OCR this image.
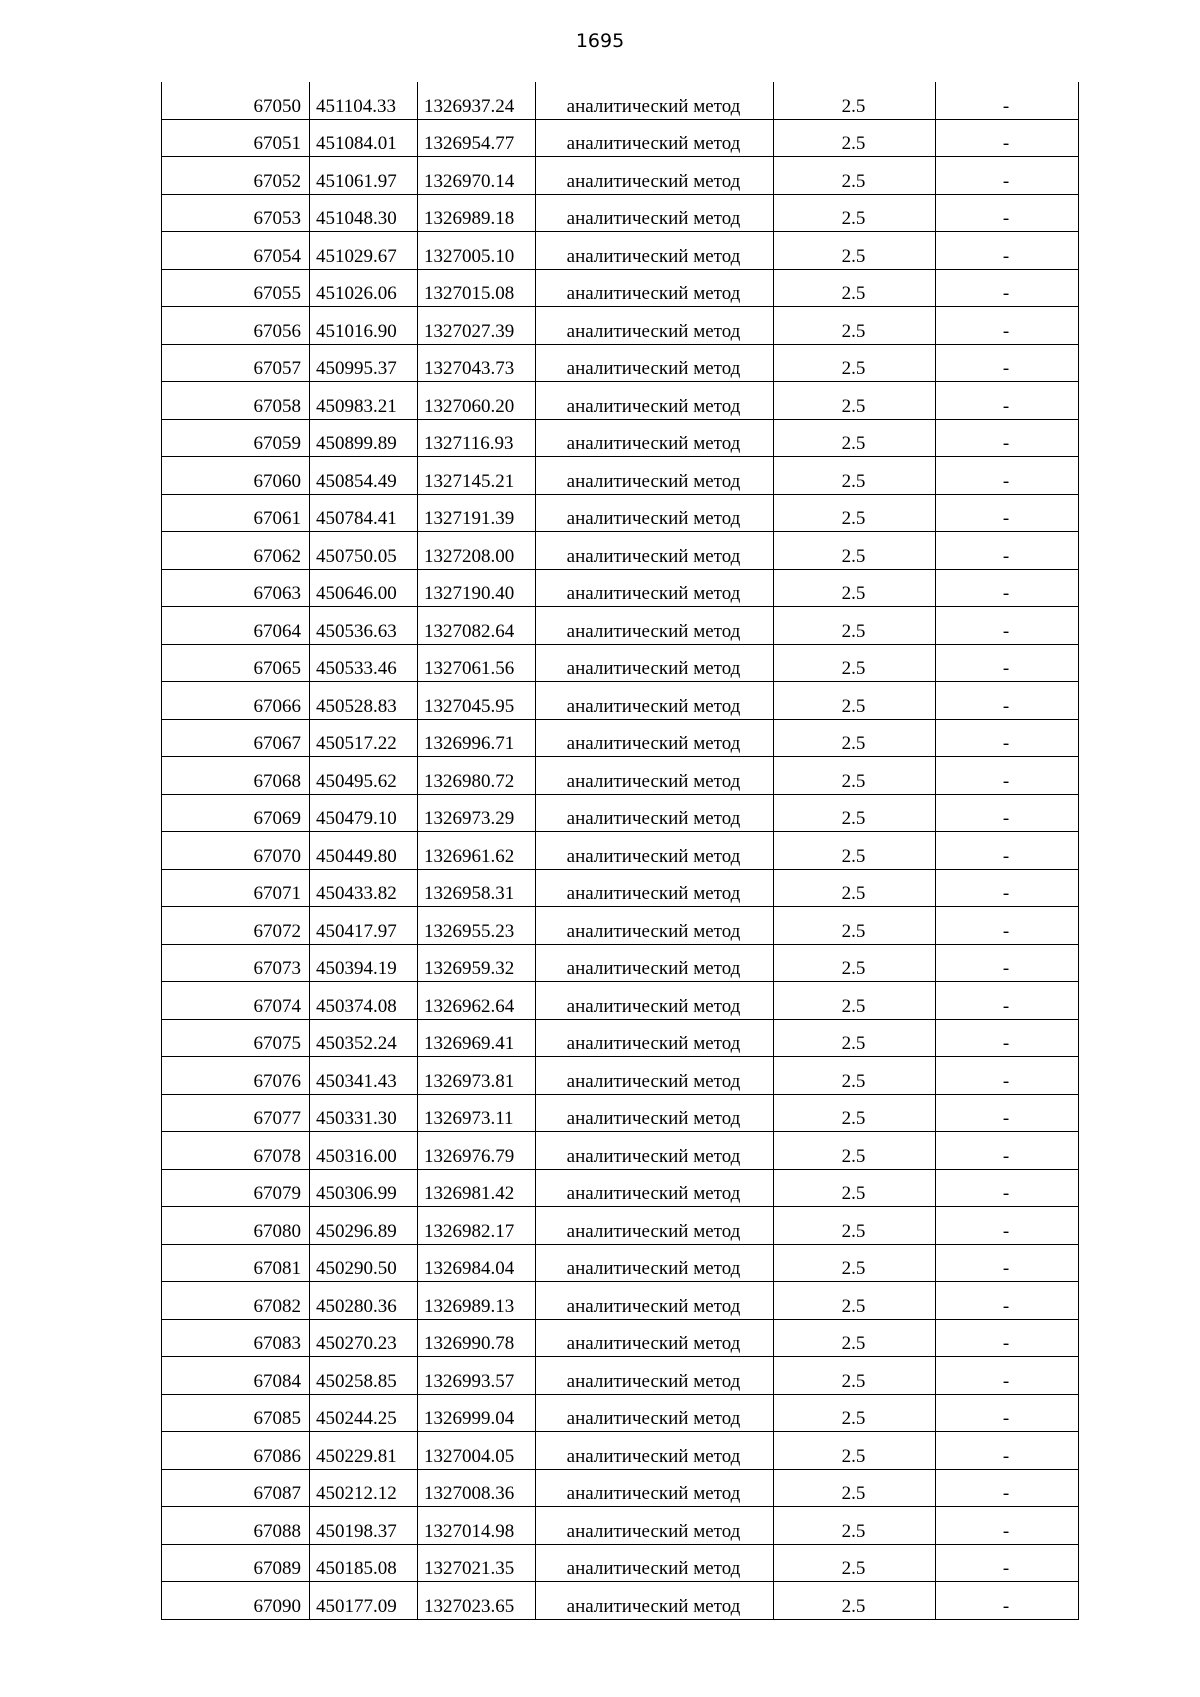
1695
67050	451104.33	1326937.24	аналитический метод	2.5	-
67051	451084.01	1326954.77	аналитический метод	2.5	-
67052	451061.97	1326970.14	аналитический метод	2.5	-
67053	451048.30	1326989.18	аналитический метод	2.5	-
67054	451029.67	1327005.10	аналитический метод	2.5	-
67055	451026.06	1327015.08	аналитический метод	2.5	-
67056	451016.90	1327027.39	аналитический метод	2.5	-
67057	450995.37	1327043.73	аналитический метод	2.5	-
67058	450983.21	1327060.20	аналитический метод	2.5	-
67059	450899.89	1327116.93	аналитический метод	2.5	-
67060	450854.49	1327145.21	аналитический метод	2.5	-
67061	450784.41	1327191.39	аналитический метод	2.5	-
67062	450750.05	1327208.00	аналитический метод	2.5	-
67063	450646.00	1327190.40	аналитический метод	2.5	-
67064	450536.63	1327082.64	аналитический метод	2.5	-
67065	450533.46	1327061.56	аналитический метод	2.5	-
67066	450528.83	1327045.95	аналитический метод	2.5	-
67067	450517.22	1326996.71	аналитический метод	2.5	-
67068	450495.62	1326980.72	аналитический метод	2.5	-
67069	450479.10	1326973.29	аналитический метод	2.5	-
67070	450449.80	1326961.62	аналитический метод	2.5	-
67071	450433.82	1326958.31	аналитический метод	2.5	-
67072	450417.97	1326955.23	аналитический метод	2.5	-
67073	450394.19	1326959.32	аналитический метод	2.5	-
67074	450374.08	1326962.64	аналитический метод	2.5	-
67075	450352.24	1326969.41	аналитический метод	2.5	-
67076	450341.43	1326973.81	аналитический метод	2.5	-
67077	450331.30	1326973.11	аналитический метод	2.5	-
67078	450316.00	1326976.79	аналитический метод	2.5	-
67079	450306.99	1326981.42	аналитический метод	2.5	-
67080	450296.89	1326982.17	аналитический метод	2.5	-
67081	450290.50	1326984.04	аналитический метод	2.5	-
67082	450280.36	1326989.13	аналитический метод	2.5	-
67083	450270.23	1326990.78	аналитический метод	2.5	-
67084	450258.85	1326993.57	аналитический метод	2.5	-
67085	450244.25	1326999.04	аналитический метод	2.5	-
67086	450229.81	1327004.05	аналитический метод	2.5	-
67087	450212.12	1327008.36	аналитический метод	2.5	-
67088	450198.37	1327014.98	аналитический метод	2.5	-
67089	450185.08	1327021.35	аналитический метод	2.5	-
67090	450177.09	1327023.65	аналитический метод	2.5	-
